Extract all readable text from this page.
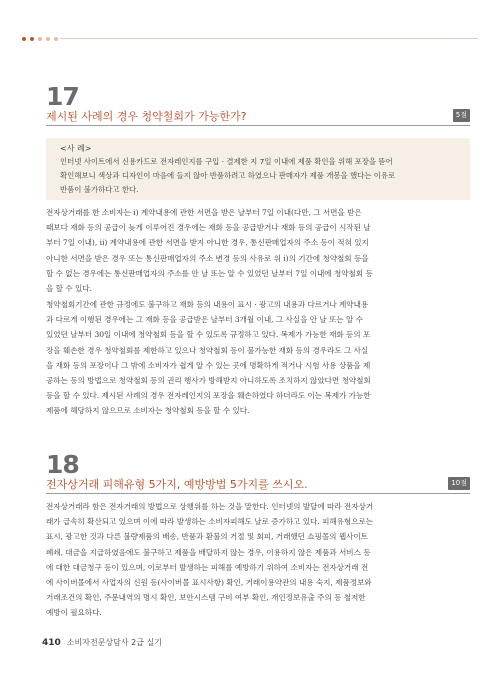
17
제시된 사례의 경우 청약철회가 가능한가?	5점
<사 례>

인터넷 사이트에서 신용카드로 전자레인지를 구입 · 결제한 지 7일 이내에 제품 확인을 위해 포장을 뜯어

확인해보니 색상과 디자인이 마음에 들지 않아 반품하려고 하였으나 판매자가 제품 개봉을 했다는 이유로

반품이 불가하다고 한다.

전자상거래를 한 소비자는 ⅰ) 계약내용에 관한 서면을 받은 날부터 7일 이내(다만, 그 서면을 받은

때보다 재화 등의 공급이 늦게 이루어진 경우에는 재화 등을 공급받거나 재화 등의 공급이 시작된 날

부터 7일 이내), ⅱ) 계약내용에 관한 서면을 받지 아니한 경우, 통신판매업자의 주소 등이 적혀 있지

아니한 서면을 받은 경우 또는 통신판매업자의 주소 변경 등의 사유로 위 ⅰ)의 기간에 청약철회 등을

할 수 없는 경우에는 통신판매업자의 주소를 안 날 또는 알 수 있었던 날부터 7일 이내에 청약철회 등

을 할 수 있다.

청약철회기간에 관한 규정에도 불구하고 재화 등의 내용이 표시 · 광고의 내용과 다르거나 계약내용

과 다르게 이행된 경우에는 그 재화 등을 공급받은 날부터 3개월 이내, 그 사실을 안 날 또는 알 수

있었던 날부터 30일 이내에 청약철회 등을 할 수 있도록 규정하고 있다. 복제가 가능한 재화 등의 포

장을 훼손한 경우 청약철회를 제한하고 있으나 청약철회 등이 불가능한 재화 등의 경우라도 그 사실

을 재화 등의 포장이나 그 밖에 소비자가 쉽게 알 수 있는 곳에 명확하게 적거나 시험 사용 상품을 제

공하는 등의 방법으로 청약철회 등의 권리 행사가 방해받지 아니하도록 조치하지 않았다면 청약철회

등을 할 수 있다. 제시된 사례의 경우 전자레인지의 포장을 훼손하였다 하더라도 이는 복제가 가능한

제품에 해당하지 않으므로 소비자는 청약철회 등을 할 수 있다.

18
전자상거래 피해유형 5가지, 예방방법 5가지를 쓰시오.	10점

전자상거래라 함은 전자거래의 방법으로 상행위를 하는 것을 말한다. 인터넷의 발달에 따라 전자상거

래가 급속히 확산되고 있으며 이에 따라 발생하는 소비자피해도 날로 증가하고 있다. 피해유형으로는

표시, 광고한 것과 다른 불량제품의 배송, 반품과 환불의 거절 및 회피, 거래했던 쇼핑몰의 웹사이트

폐쇄, 대금을 지급하였음에도 불구하고 제품을 배달하지 않는 경우, 이용하지 않은 제품과 서비스 등

에 대한 대금청구 등이 있으며, 이로부터 발생하는 피해를 예방하기 위하여 소비자는 전자상거래 전

에 사이버몰에서 사업자의 신원 등(사이버몰 표시사항) 확인, 거래이용약관의 내용 숙지, 제품정보와

거래조건의 확인, 주문내역의 명시 확인, 보안시스템 구비 여부 확인, 개인정보유출 주의 등 철저한

예방이 필요하다.

410 소비자전문상담사 2급 실기
